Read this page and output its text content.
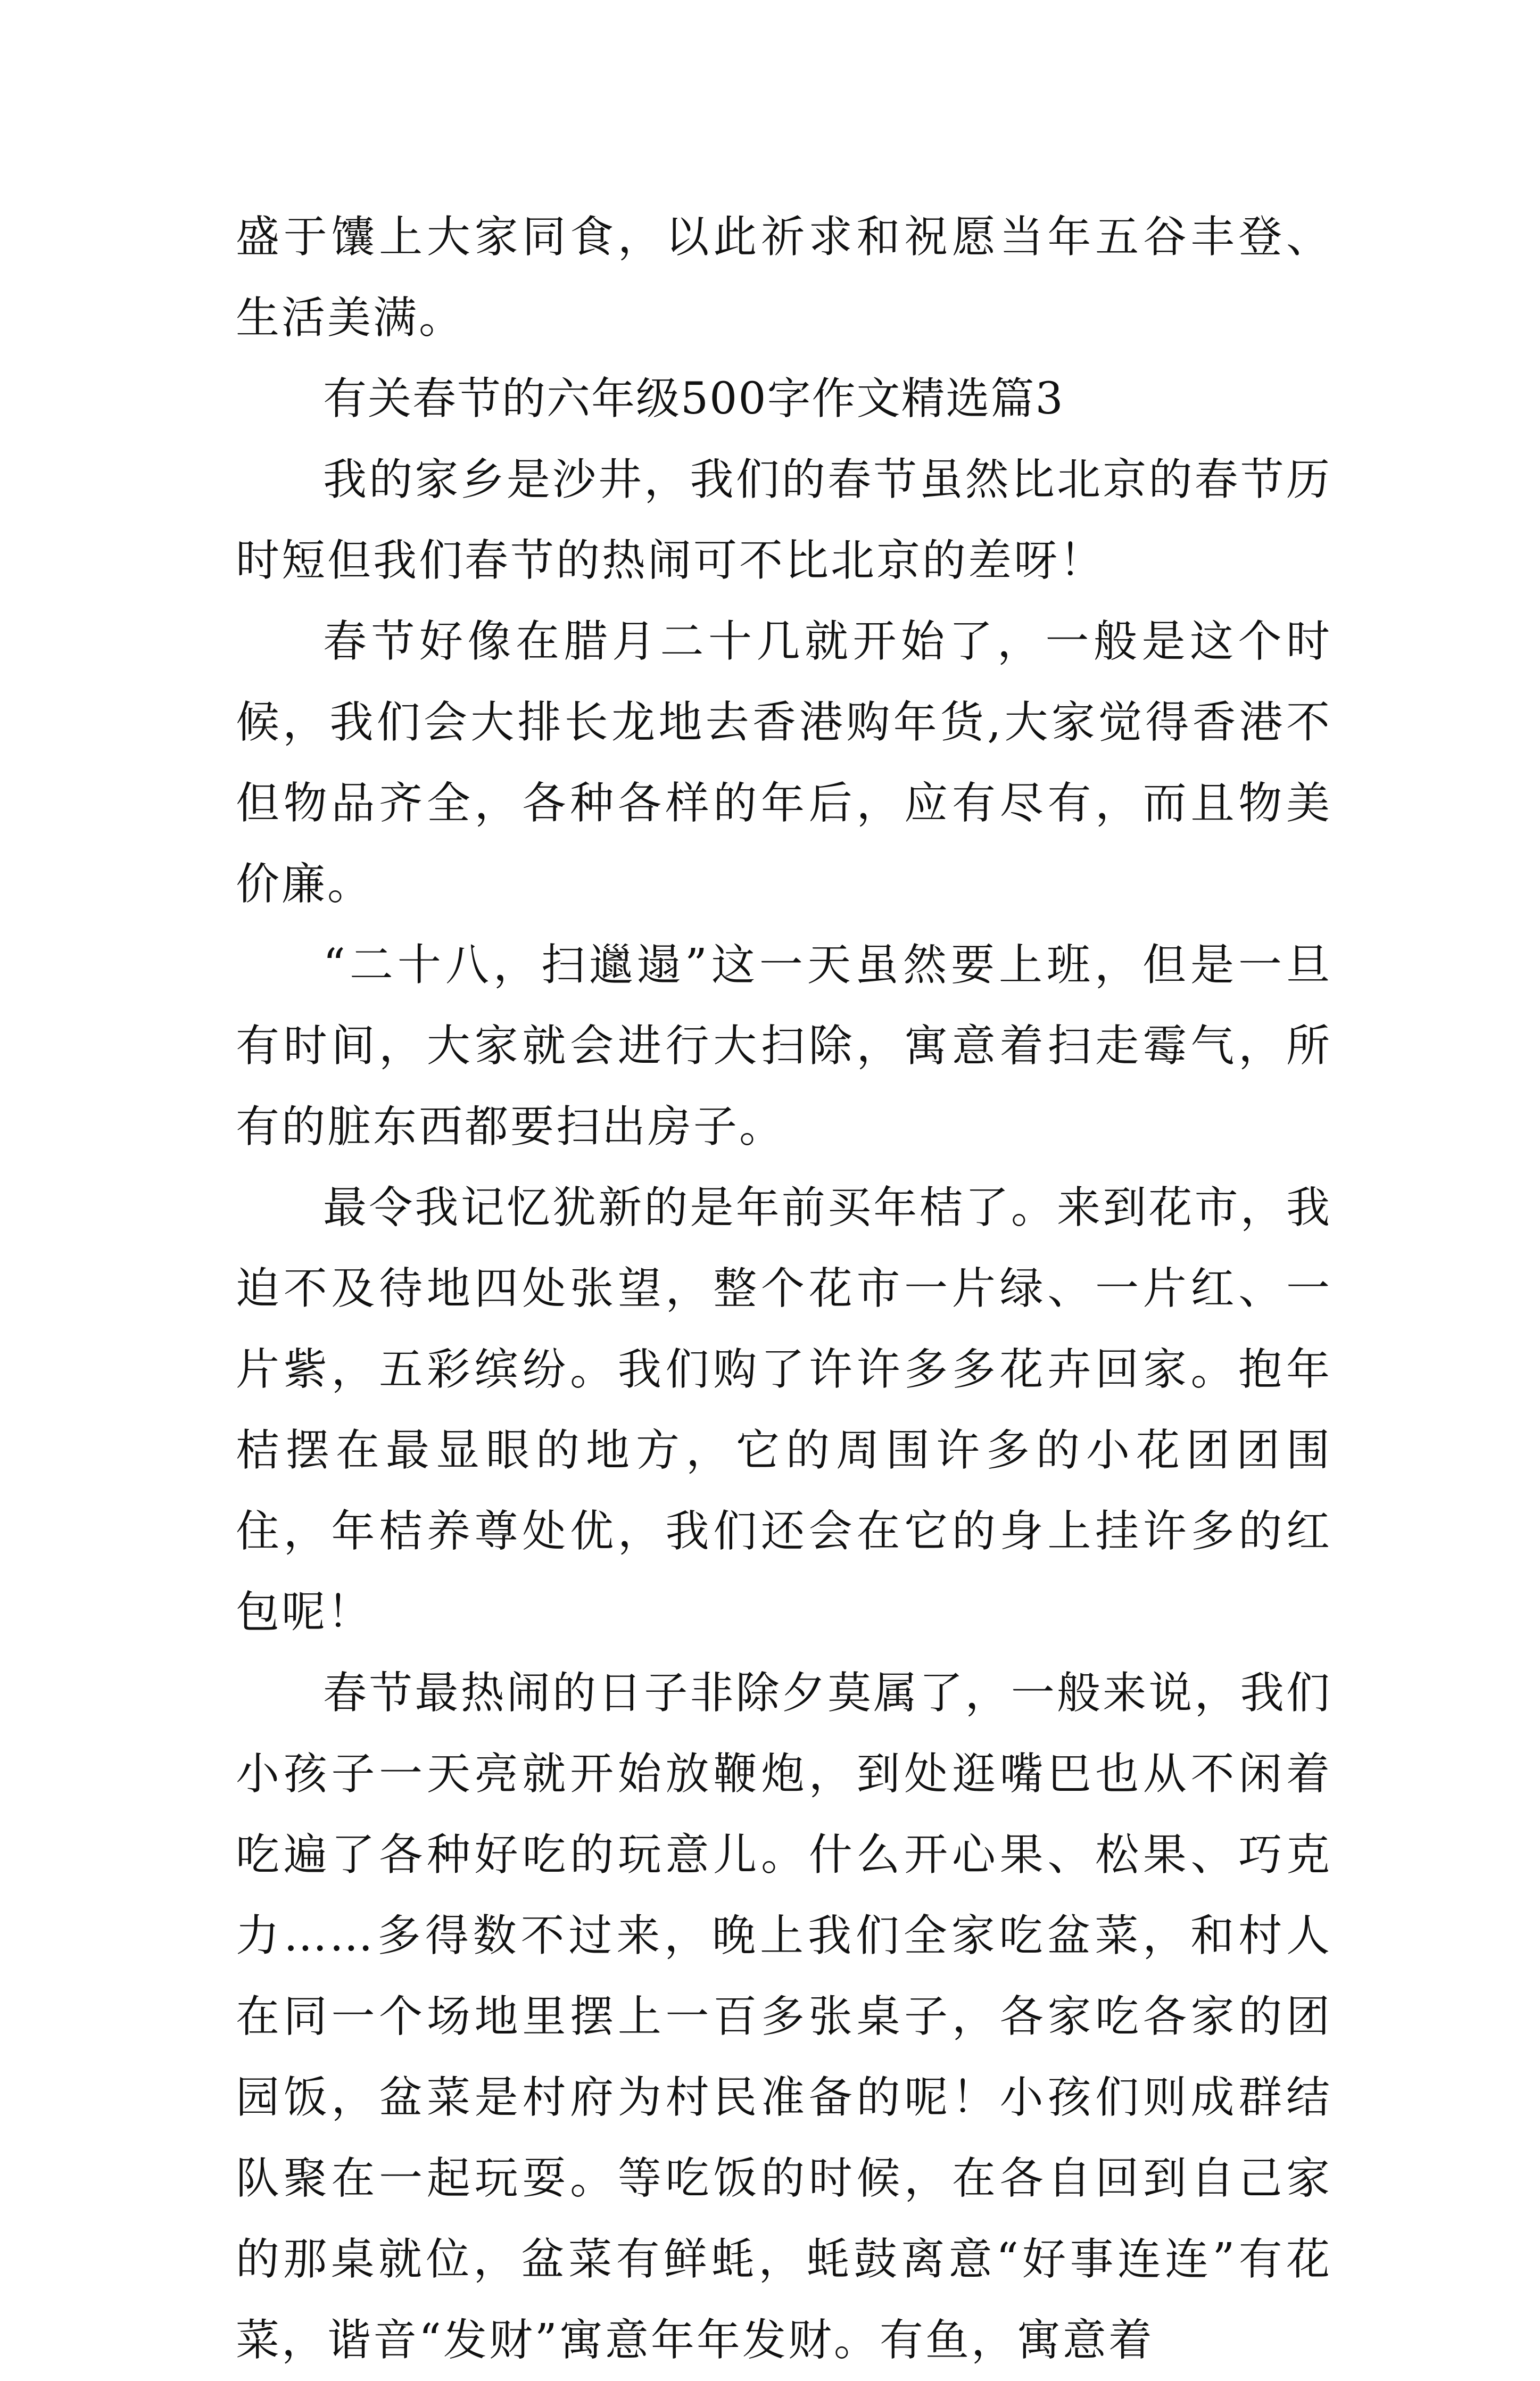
盛于馕上大家同食，以此祈求和祝愿当年五谷丰登、生活美满。

有关春节的六年级500字作文精选篇3

我的家乡是沙井，我们的春节虽然比北京的春节历时短但我们春节的热闹可不比北京的差呀！

春节好像在腊月二十几就开始了，一般是这个时候，我们会大排长龙地去香港购年货,大家觉得香港不但物品齐全，各种各样的年后，应有尽有，而且物美价廉。

“二十八，扫邋遢”这一天虽然要上班，但是一旦有时间，大家就会进行大扫除，寓意着扫走霉气，所有的脏东西都要扫出房子。

最令我记忆犹新的是年前买年桔了。来到花市，我迫不及待地四处张望，整个花市一片绿、一片红、一片紫，五彩缤纷。我们购了许许多多花卉回家。抱年桔摆在最显眼的地方，它的周围许多的小花团团围住，年桔养尊处优，我们还会在它的身上挂许多的红包呢！

春节最热闹的日子非除夕莫属了，一般来说，我们小孩子一天亮就开始放鞭炮，到处逛嘴巴也从不闲着吃遍了各种好吃的玩意儿。什么开心果、松果、巧克力……多得数不过来，晚上我们全家吃盆菜，和村人在同一个场地里摆上一百多张桌子，各家吃各家的团园饭，盆菜是村府为村民准备的呢！小孩们则成群结队聚在一起玩耍。等吃饭的时候，在各自回到自己家的那桌就位，盆菜有鲜蚝，蚝鼓离意“好事连连”有花菜，谐音“发财”寓意年年发财。有鱼，寓意着
